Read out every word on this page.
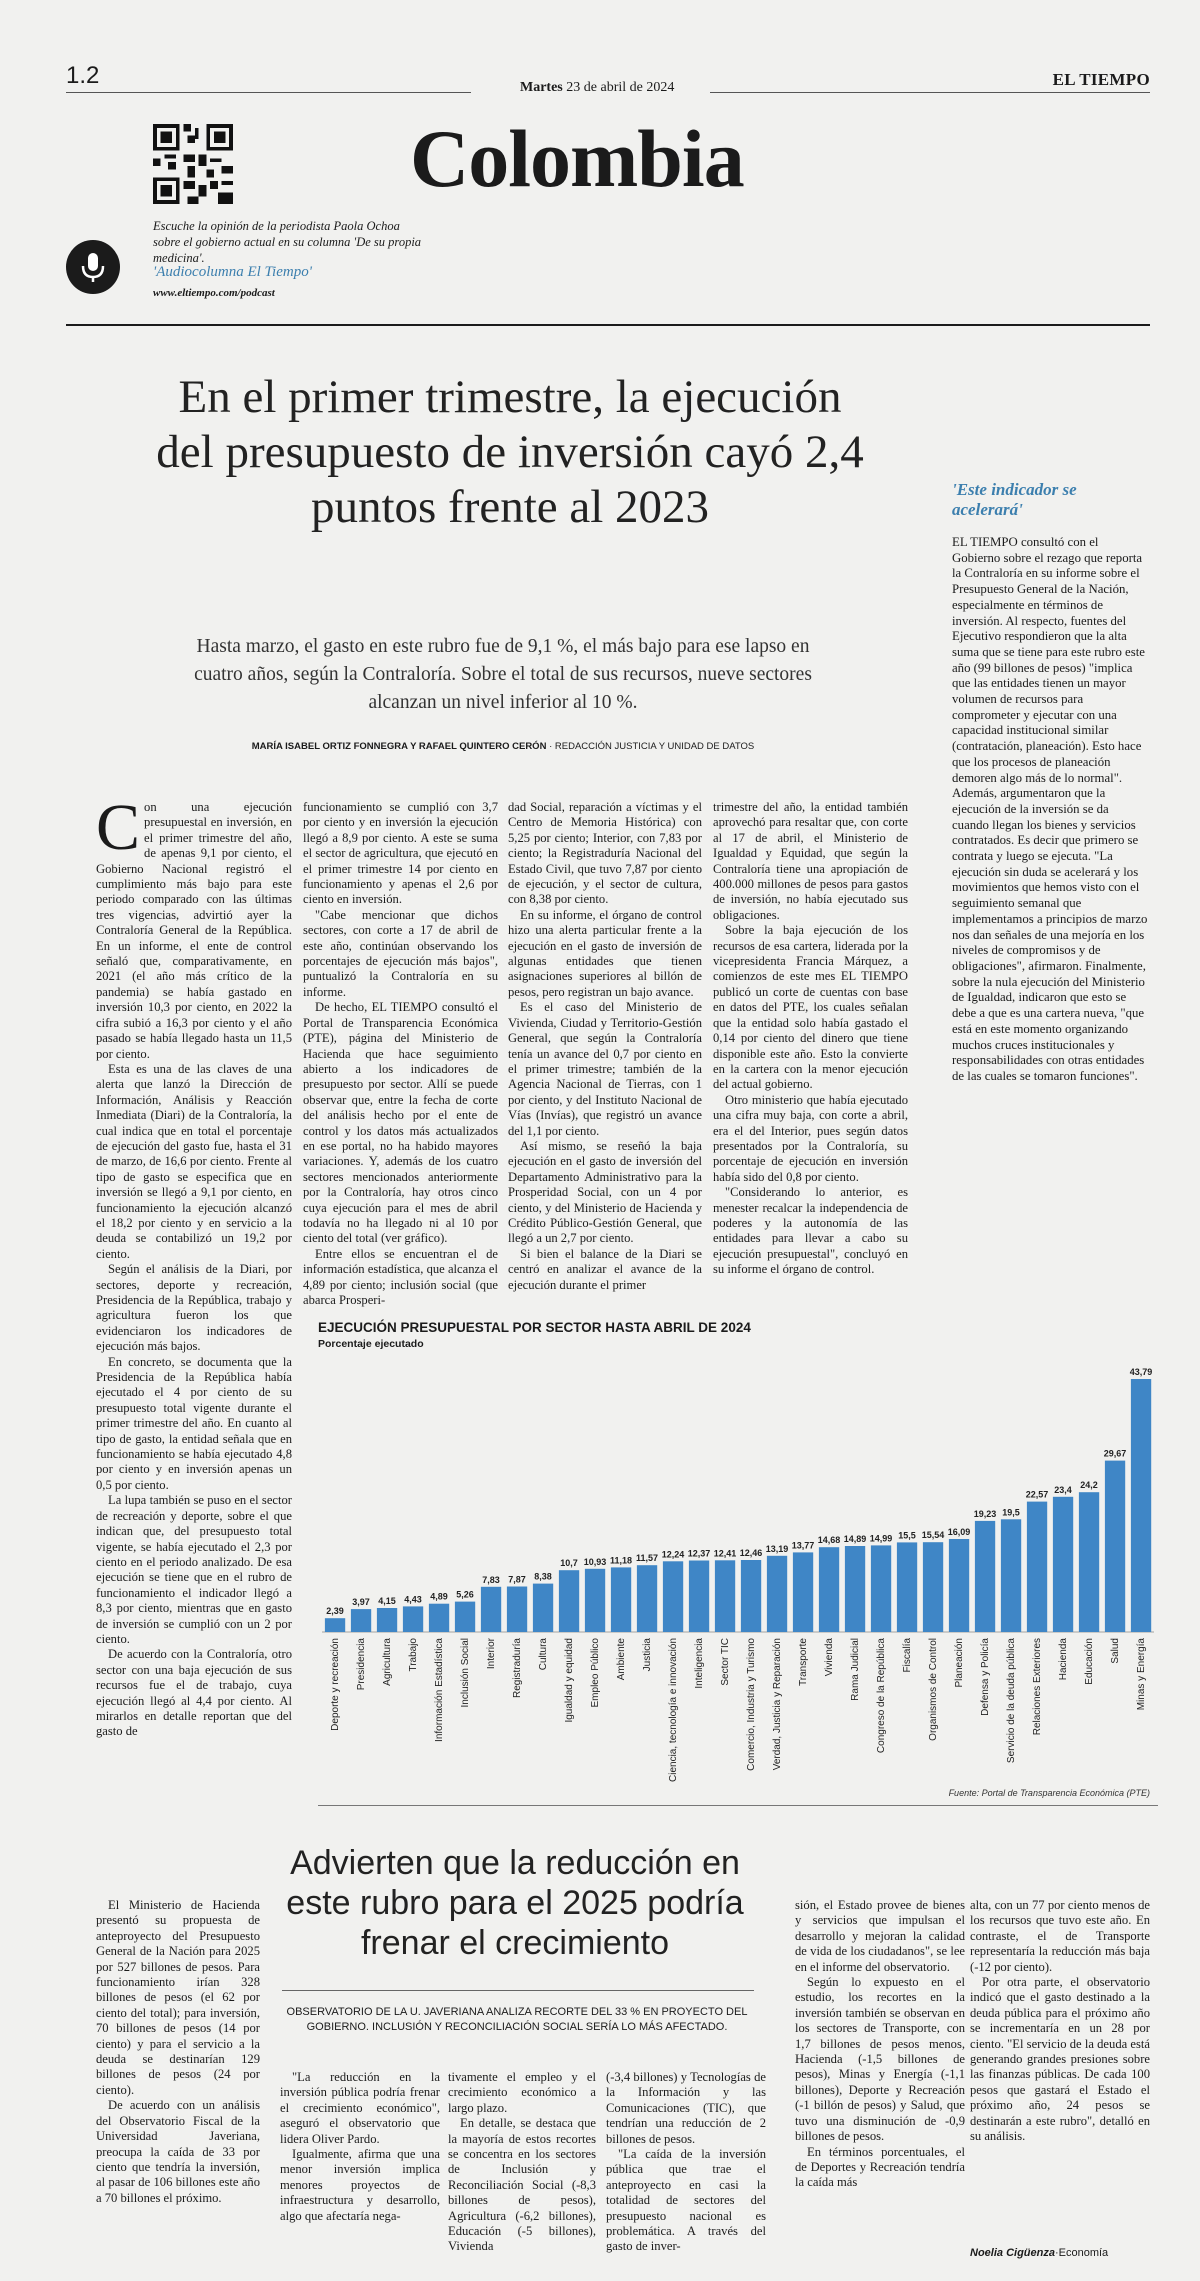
1.2	Martes 23 de abril de 2024	EL TIEMPO
Colombia
Escuche la opinión de la periodista Paola Ochoa sobre el gobierno actual en su columna 'De su propia medicina'.
'Audiocolumna El Tiempo'
www.eltiempo.com/podcast
En el primer trimestre, la ejecución del presupuesto de inversión cayó 2,4 puntos frente al 2023
Hasta marzo, el gasto en este rubro fue de 9,1 %, el más bajo para ese lapso en cuatro años, según la Contraloría. Sobre el total de sus recursos, nueve sectores alcanzan un nivel inferior al 10 %.
MARÍA ISABEL ORTIZ FONNEGRA Y RAFAEL QUINTERO CERÓN · REDACCIÓN JUSTICIA Y UNIDAD DE DATOS
C on una ejecución presupuestal en inversión, en el primer trimestre del año, de apenas 9,1 por ciento, el Gobierno Nacional registró el cumplimiento más bajo para este periodo comparado con las últimas tres vigencias, advirtió ayer la Contraloría General de la República. En un informe, el ente de control señaló que, comparativamente, en 2021 (el año más crítico de la pandemia) se había gastado en inversión 10,3 por ciento, en 2022 la cifra subió a 16,3 por ciento y el año pasado se había llegado hasta un 11,5 por ciento.

Esta es una de las claves de una alerta que lanzó la Dirección de Información, Análisis y Reacción Inmediata (Diari) de la Contraloría, la cual indica que en total el porcentaje de ejecución del gasto fue, hasta el 31 de marzo, de 16,6 por ciento. Frente al tipo de gasto se especifica que en inversión se llegó a 9,1 por ciento, en funcionamiento la ejecución alcanzó el 18,2 por ciento y en servicio a la deuda se contabilizó un 19,2 por ciento.

Según el análisis de la Diari, por sectores, deporte y recreación, Presidencia de la República, trabajo y agricultura fueron los que evidenciaron los indicadores de ejecución más bajos.

En concreto, se documenta que la Presidencia de la República había ejecutado el 4 por ciento de su presupuesto total vigente durante el primer trimestre del año. En cuanto al tipo de gasto, la entidad señala que en funcionamiento se había ejecutado 4,8 por ciento y en inversión apenas un 0,5 por ciento.

La lupa también se puso en el sector de recreación y deporte, sobre el que indican que, del presupuesto total vigente, se había ejecutado el 2,3 por ciento en el periodo analizado. De esa ejecución se tiene que en el rubro de funcionamiento el indicador llegó a 8,3 por ciento, mientras que en gasto de inversión se cumplió con un 2 por ciento.

De acuerdo con la Contraloría, otro sector con una baja ejecución de sus recursos fue el de trabajo, cuya ejecución llegó al 4,4 por ciento. Al mirarlos en detalle reportan que del gasto de

funcionamiento se cumplió con 3,7 por ciento y en inversión la ejecución llegó a 8,9 por ciento. A este se suma el sector de agricultura, que ejecutó en el primer trimestre 14 por ciento en funcionamiento y apenas el 2,6 por ciento en inversión.

"Cabe mencionar que dichos sectores, con corte a 17 de abril de este año, continúan observando los porcentajes de ejecución más bajos", puntualizó la Contraloría en su informe.

De hecho, EL TIEMPO consultó el Portal de Transparencia Económica (PTE), página del Ministerio de Hacienda que hace seguimiento abierto a los indicadores de presupuesto por sector. Allí se puede observar que, entre la fecha de corte del análisis hecho por el ente de control y los datos más actualizados en ese portal, no ha habido mayores variaciones. Y, además de los cuatro sectores mencionados anteriormente por la Contraloría, hay otros cinco cuya ejecución para el mes de abril todavía no ha llegado ni al 10 por ciento del total (ver gráfico).

Entre ellos se encuentran el de información estadística, que alcanza el 4,89 por ciento; inclusión social (que abarca Prosperi-

dad Social, reparación a víctimas y el Centro de Memoria Histórica) con 5,25 por ciento; Interior, con 7,83 por ciento; la Registraduría Nacional del Estado Civil, que tuvo 7,87 por ciento de ejecución, y el sector de cultura, con 8,38 por ciento.

En su informe, el órgano de control hizo una alerta particular frente a la ejecución en el gasto de inversión de algunas entidades que tienen asignaciones superiores al billón de pesos, pero registran un bajo avance.

Es el caso del Ministerio de Vivienda, Ciudad y Territorio-Gestión General, que según la Contraloría tenía un avance del 0,7 por ciento en el primer trimestre; también de la Agencia Nacional de Tierras, con 1 por ciento, y del Instituto Nacional de Vías (Invías), que registró un avance del 1,1 por ciento.

Así mismo, se reseñó la baja ejecución en el gasto de inversión del Departamento Administrativo para la Prosperidad Social, con un 4 por ciento, y del Ministerio de Hacienda y Crédito Público-Gestión General, que llegó a un 2,7 por ciento.

Si bien el balance de la Diari se centró en analizar el avance de la ejecución durante el primer

trimestre del año, la entidad también aprovechó para resaltar que, con corte al 17 de abril, el Ministerio de Igualdad y Equidad, que según la Contraloría tiene una apropiación de 400.000 millones de pesos para gastos de inversión, no había ejecutado sus obligaciones.

Sobre la baja ejecución de los recursos de esa cartera, liderada por la vicepresidenta Francia Márquez, a comienzos de este mes EL TIEMPO publicó un corte de cuentas con base en datos del PTE, los cuales señalan que la entidad solo había gastado el 0,14 por ciento del dinero que tiene disponible este año. Esto la convierte en la cartera con la menor ejecución del actual gobierno.

Otro ministerio que había ejecutado una cifra muy baja, con corte a abril, era el del Interior, pues según datos presentados por la Contraloría, su porcentaje de ejecución en inversión había sido del 0,8 por ciento.

"Considerando lo anterior, es menester recalcar la independencia de poderes y la autonomía de las entidades para llevar a cabo su ejecución presupuestal", concluyó en su informe el órgano de control.

'Este indicador se acelerará'
EL TIEMPO consultó con el Gobierno sobre el rezago que reporta la Contraloría en su informe sobre el Presupuesto General de la Nación, especialmente en términos de inversión. Al respecto, fuentes del Ejecutivo respondieron que la alta suma que se tiene para este rubro este año (99 billones de pesos) "implica que las entidades tienen un mayor volumen de recursos para comprometer y ejecutar con una capacidad institucional similar (contratación, planeación). Esto hace que los procesos de planeación demoren algo más de lo normal". Además, argumentaron que la ejecución de la inversión se da cuando llegan los bienes y servicios contratados. Es decir que primero se contrata y luego se ejecuta. "La ejecución sin duda se acelerará y los movimientos que hemos visto con el seguimiento semanal que implementamos a principios de marzo nos dan señales de una mejoría en los niveles de compromisos y de obligaciones", afirmaron. Finalmente, sobre la nula ejecución del Ministerio de Igualdad, indicaron que esto se debe a que es una cartera nueva, "que está en este momento organizando muchos cruces institucionales y responsabilidades con otras entidades de las cuales se tomaron funciones".
EJECUCIÓN PRESUPUESTAL POR SECTOR HASTA ABRIL DE 2024
Porcentaje ejecutado
2,39
Deporte y recreación
3,97
Presidencia
4,15
Agricultura
4,43
Trabajo
4,89
Información Estadística
5,26
Inclusión Social
7,83
Interior
7,87
Registraduría
8,38
Cultura
10,7
Igualdad y equidad
10,93
Empleo Público
11,18
Ambiente
11,57
Justicia
12,24
Ciencia, tecnología e innovación
12,37
Inteligencia
12,41
Sector TIC
12,46
Comercio, Industria y Turismo
13,19
Verdad, Justicia y Reparación
13,77
Transporte
14,68
Vivienda
14,89
Rama Judicial
14,99
Congreso de la República
15,5
Fiscalía
15,54
Organismos de Control
16,09
Planeación
19,23
Defensa y Policía
19,5
Servicio de la deuda pública
22,57
Relaciones Exteriores
23,4
Hacienda
24,2
Educación
29,67
Salud
43,79
Minas y Energía
Fuente: Portal de Transparencia Económica (PTE)
Advierten que la reducción en este rubro para el 2025 podría frenar el crecimiento
OBSERVATORIO DE LA U. JAVERIANA ANALIZA RECORTE DEL 33 % EN PROYECTO DEL GOBIERNO. INCLUSIÓN Y RECONCILIACIÓN SOCIAL SERÍA LO MÁS AFECTADO.

El Ministerio de Hacienda presentó su propuesta de anteproyecto del Presupuesto General de la Nación para 2025 por 527 billones de pesos. Para funcionamiento irían 328 billones de pesos (el 62 por ciento del total); para inversión, 70 billones de pesos (14 por ciento) y para el servicio a la deuda se destinarían 129 billones de pesos (24 por ciento).

De acuerdo con un análisis del Observatorio Fiscal de la Universidad Javeriana, preocupa la caída de 33 por ciento que tendría la inversión, al pasar de 106 billones este año a 70 billones el próximo.

"La reducción en la inversión pública podría frenar el crecimiento económico", aseguró el observatorio que lidera Oliver Pardo.

Igualmente, afirma que una menor inversión implica menores proyectos de infraestructura y desarrollo, algo que afectaría nega-

tivamente el empleo y el crecimiento económico a largo plazo.

En detalle, se destaca que la mayoría de estos recortes se concentra en los sectores de Inclusión y Reconciliación Social (-8,3 billones de pesos), Agricultura (-6,2 billones), Educación (-5 billones), Vivienda

(-3,4 billones) y Tecnologías de la Información y las Comunicaciones (TIC), que tendrían una reducción de 2 billones de pesos.

"La caída de la inversión pública que trae el anteproyecto en casi la totalidad de sectores del presupuesto nacional es problemática. A través del gasto de inver-

sión, el Estado provee de bienes y servicios que impulsan el desarrollo y mejoran la calidad de vida de los ciudadanos", se lee en el informe del observatorio.

Según lo expuesto en el estudio, los recortes en la inversión también se observan en los sectores de Transporte, con 1,7 billones de pesos menos, Hacienda (-1,5 billones de pesos), Minas y Energía (-1,1 billones), Deporte y Recreación (-1 billón de pesos) y Salud, que tuvo una disminución de -0,9 billones de pesos.

En términos porcentuales, el de Deportes y Recreación tendría la caída más

alta, con un 77 por ciento menos de los recursos que tuvo este año. En contraste, el de Transporte representaría la reducción más baja (-12 por ciento).

Por otra parte, el observatorio indicó que el gasto destinado a la deuda pública para el próximo año se incrementaría en un 28 por ciento. "El servicio de la deuda está generando grandes presiones sobre las finanzas públicas. De cada 100 pesos que gastará el Estado el próximo año, 24 pesos se destinarán a este rubro", detalló en su análisis.

Noelia Cigüenza·Economía
